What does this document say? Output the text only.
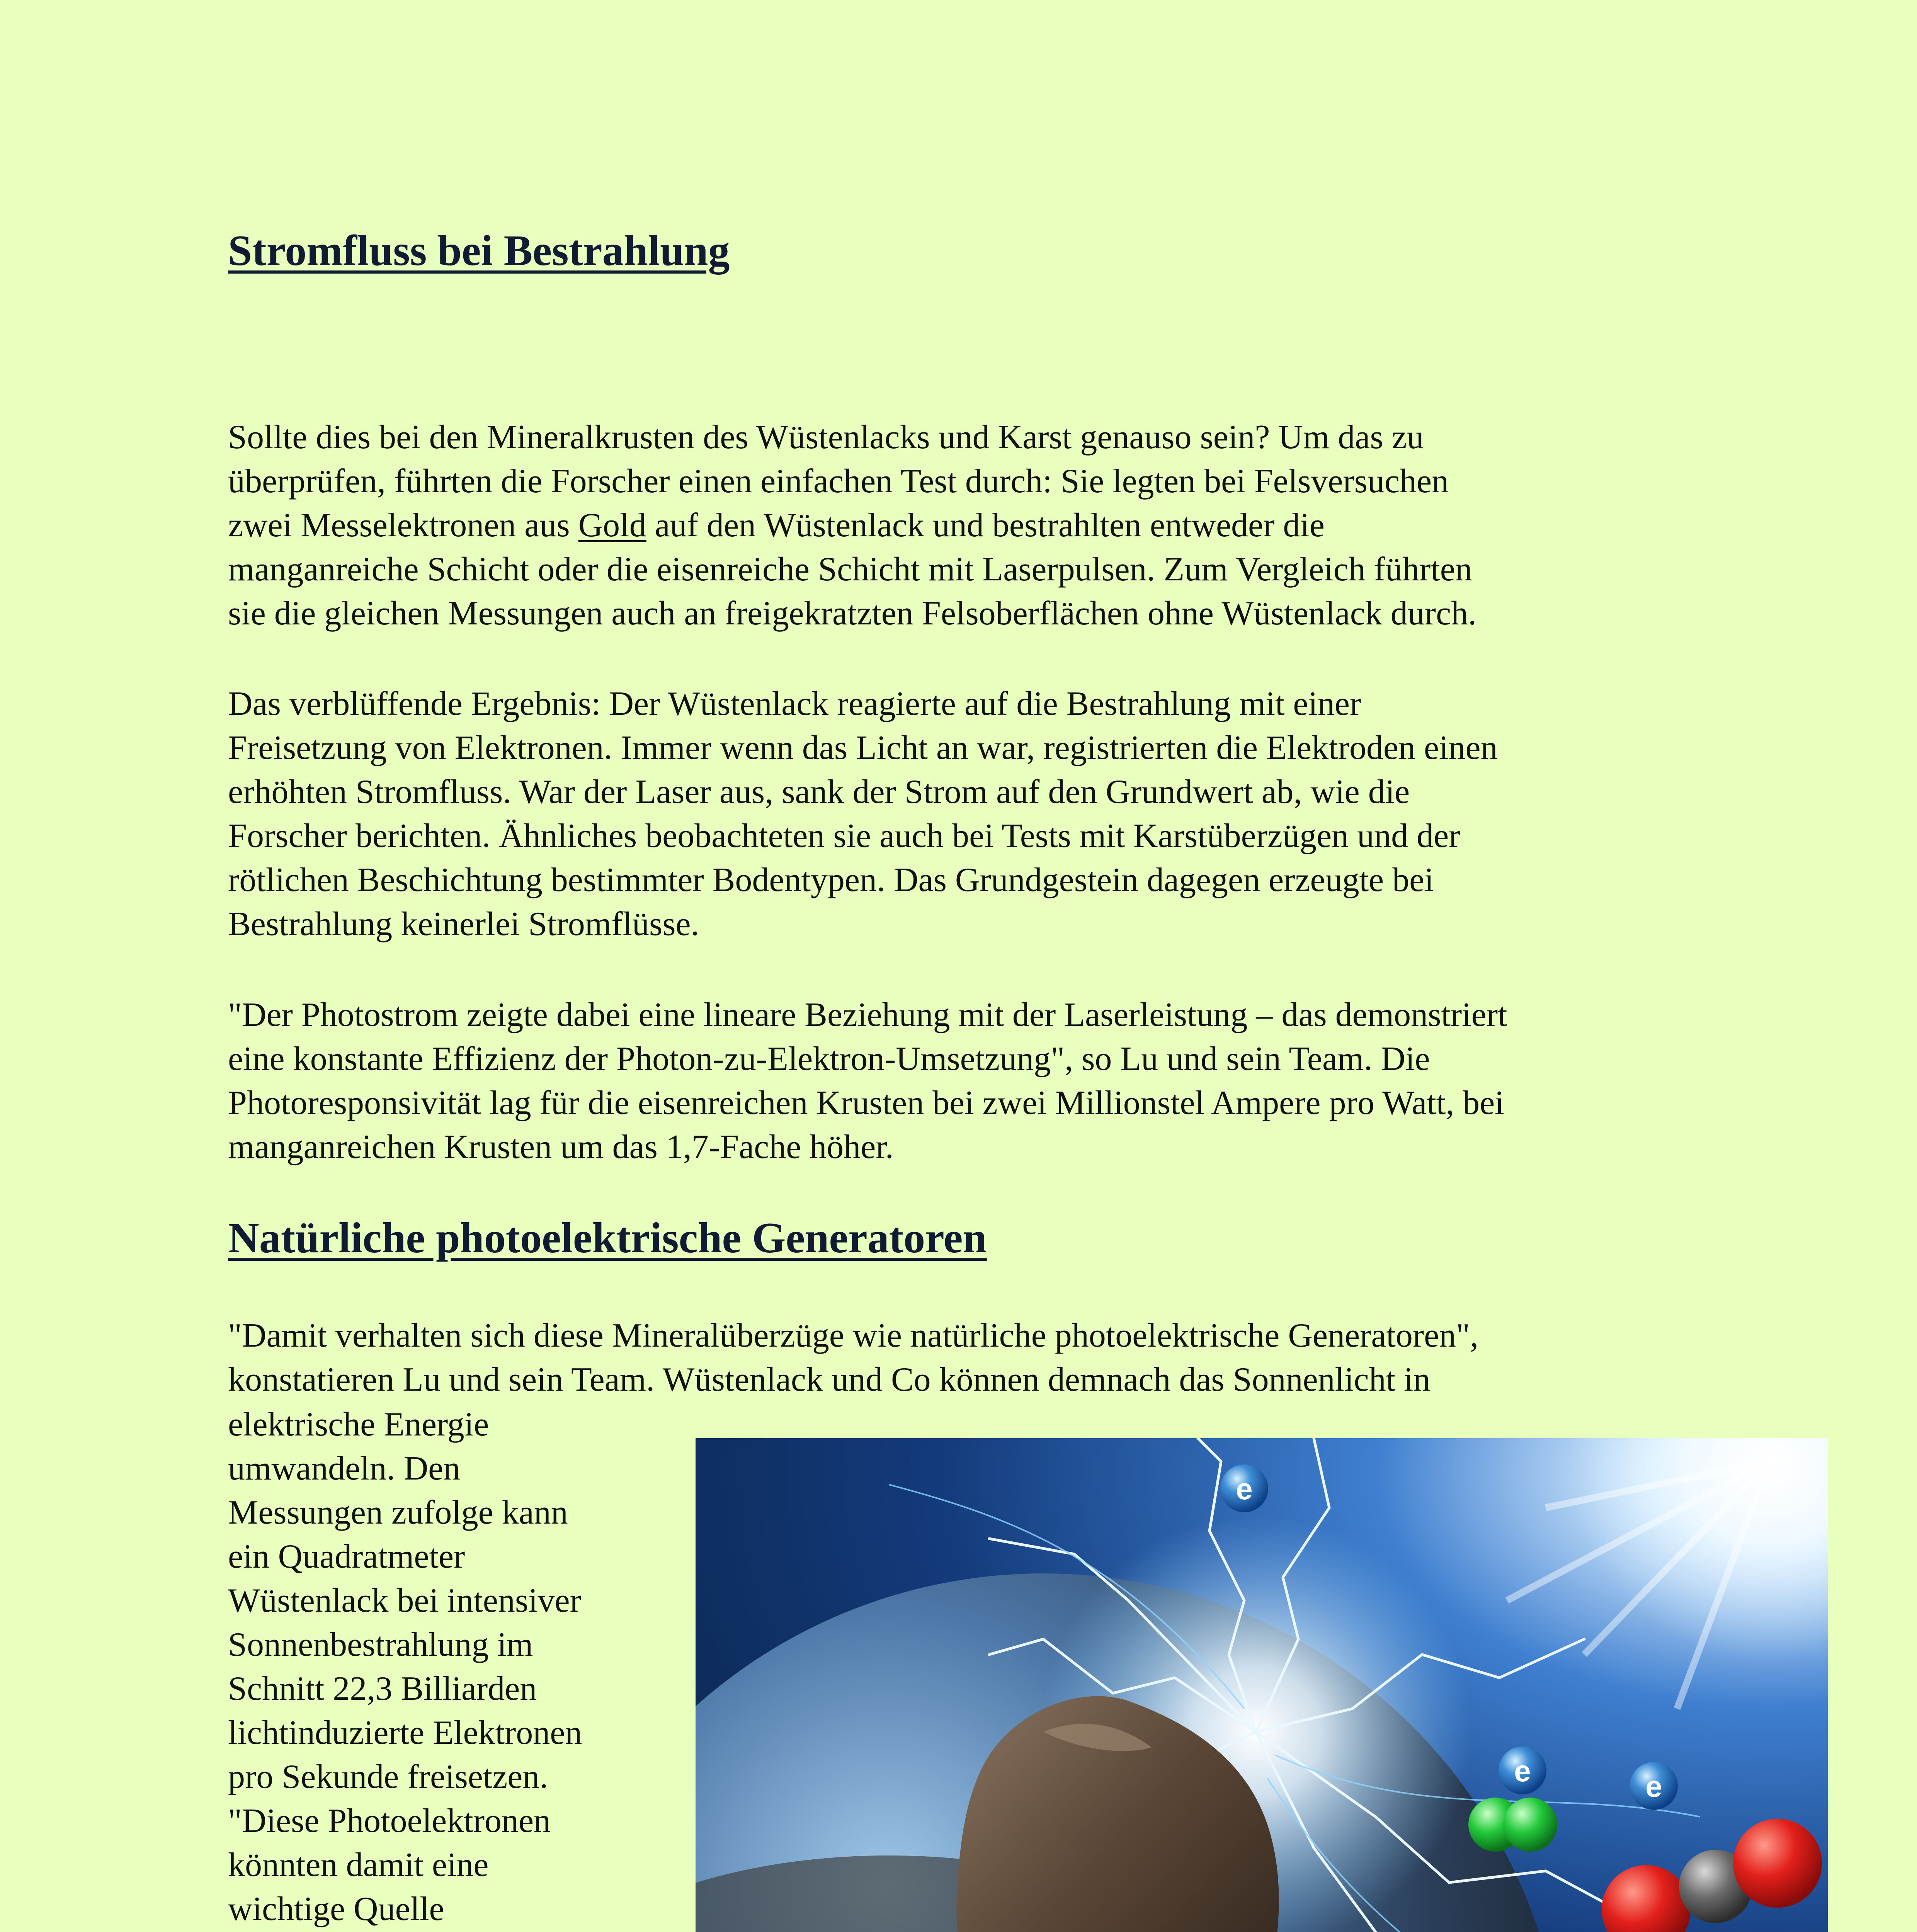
Stromfluss bei Bestrahlung

Sollte dies bei den Mineralkrusten des Wüstenlacks und Karst genauso sein? Um das zu
überprüfen, führten die Forscher einen einfachen Test durch: Sie legten bei Felsversuchen
zwei Messelektronen aus Gold auf den Wüstenlack und bestrahlten entweder die
manganreiche Schicht oder die eisenreiche Schicht mit Laserpulsen. Zum Vergleich führten
sie die gleichen Messungen auch an freigekratzten Felsoberflächen ohne Wüstenlack durch.

Das verblüffende Ergebnis: Der Wüstenlack reagierte auf die Bestrahlung mit einer
Freisetzung von Elektronen. Immer wenn das Licht an war, registrierten die Elektroden einen
erhöhten Stromfluss. War der Laser aus, sank der Strom auf den Grundwert ab, wie die
Forscher berichten. Ähnliches beobachteten sie auch bei Tests mit Karstüberzügen und der
rötlichen Beschichtung bestimmter Bodentypen. Das Grundgestein dagegen erzeugte bei
Bestrahlung keinerlei Stromflüsse.

"Der Photostrom zeigte dabei eine lineare Beziehung mit der Laserleistung – das demonstriert
eine konstante Effizienz der Photon-zu-Elektron-Umsetzung", so Lu und sein Team. Die
Photoresponsivität lag für die eisenreichen Krusten bei zwei Millionstel Ampere pro Watt, bei
manganreichen Krusten um das 1,7-Fache höher.

Natürliche photoelektrische Generatoren

"Damit verhalten sich diese Mineralüberzüge wie natürliche photoelektrische Generatoren",
konstatieren Lu und sein Team. Wüstenlack und Co können demnach das Sonnenlicht in

elektrische Energie
umwandeln. Den
Messungen zufolge kann
ein Quadratmeter
Wüstenlack bei intensiver
Sonnenbestrahlung im
Schnitt 22,3 Billiarden
lichtinduzierte Elektronen
pro Sekunde freisetzen.
"Diese Photoelektronen
könnten damit eine
wichtige Quelle

e
e	e
